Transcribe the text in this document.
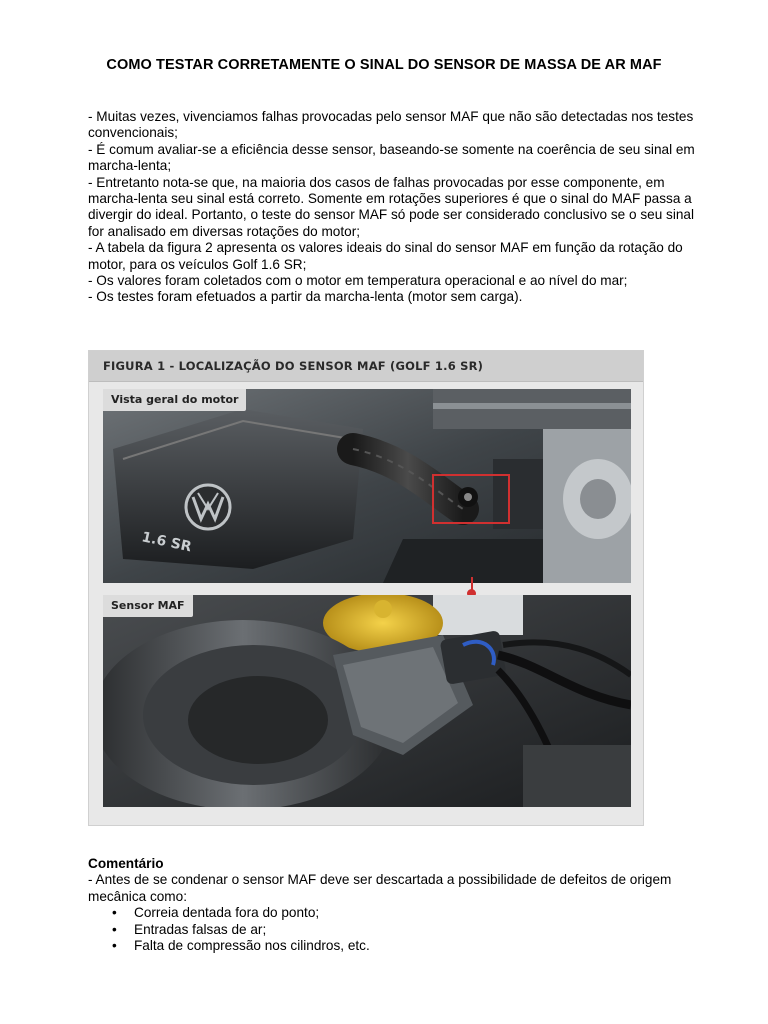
COMO TESTAR CORRETAMENTE O SINAL DO SENSOR DE MASSA DE AR MAF

- Muitas vezes, vivenciamos falhas provocadas pelo sensor MAF que não são detectadas nos testes convencionais;

- É comum avaliar-se a eficiência desse sensor, baseando-se somente na coerência de seu sinal em marcha-lenta;

- Entretanto nota-se que, na maioria dos casos de falhas provocadas por esse componente, em marcha-lenta seu sinal está correto. Somente em rotações superiores é que o sinal do MAF passa a divergir do ideal. Portanto, o teste do sensor MAF só pode ser considerado conclusivo se o seu sinal for analisado em diversas rotações do motor;

- A tabela da figura 2 apresenta os valores ideais do sinal do sensor MAF em função da rotação do motor, para os veículos Golf 1.6 SR;

- Os valores foram coletados com o motor em temperatura operacional e ao nível do mar;

- Os testes foram efetuados a partir da marcha-lenta (motor sem carga).

FIGURA 1 - LOCALIZAÇÃO DO SENSOR MAF (GOLF 1.6 SR)
1.6 SR
Vista geral do motor
Sensor MAF

Comentário

- Antes de se condenar o sensor MAF deve ser descartada a possibilidade de defeitos de origem mecânica como:

• Correia dentada fora do ponto;
• Entradas falsas de ar;
• Falta de compressão nos cilindros, etc.
